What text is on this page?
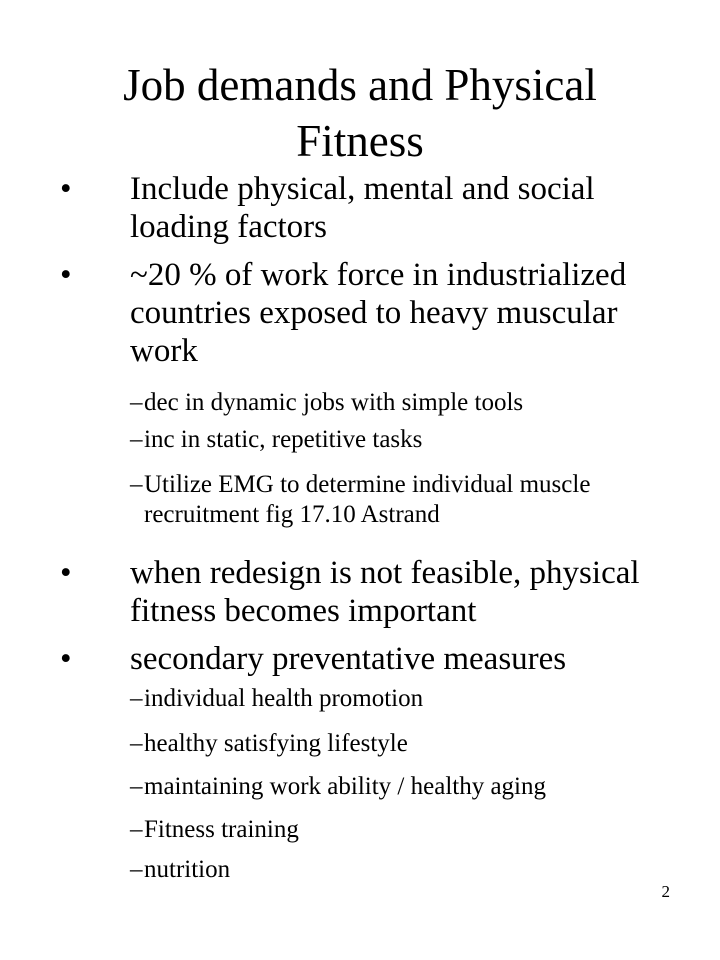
Job demands and Physical Fitness
• Include physical, mental and social loading factors
• ~20 % of work force in industrialized countries exposed to heavy muscular work
– dec in dynamic jobs with simple tools
– inc in static, repetitive tasks
– Utilize EMG to determine individual muscle recruitment fig 17.10 Astrand
• when redesign is not feasible, physical fitness becomes important
• secondary preventative measures
– individual health promotion
– healthy satisfying lifestyle
– maintaining work ability / healthy aging
– Fitness training
– nutrition
2
